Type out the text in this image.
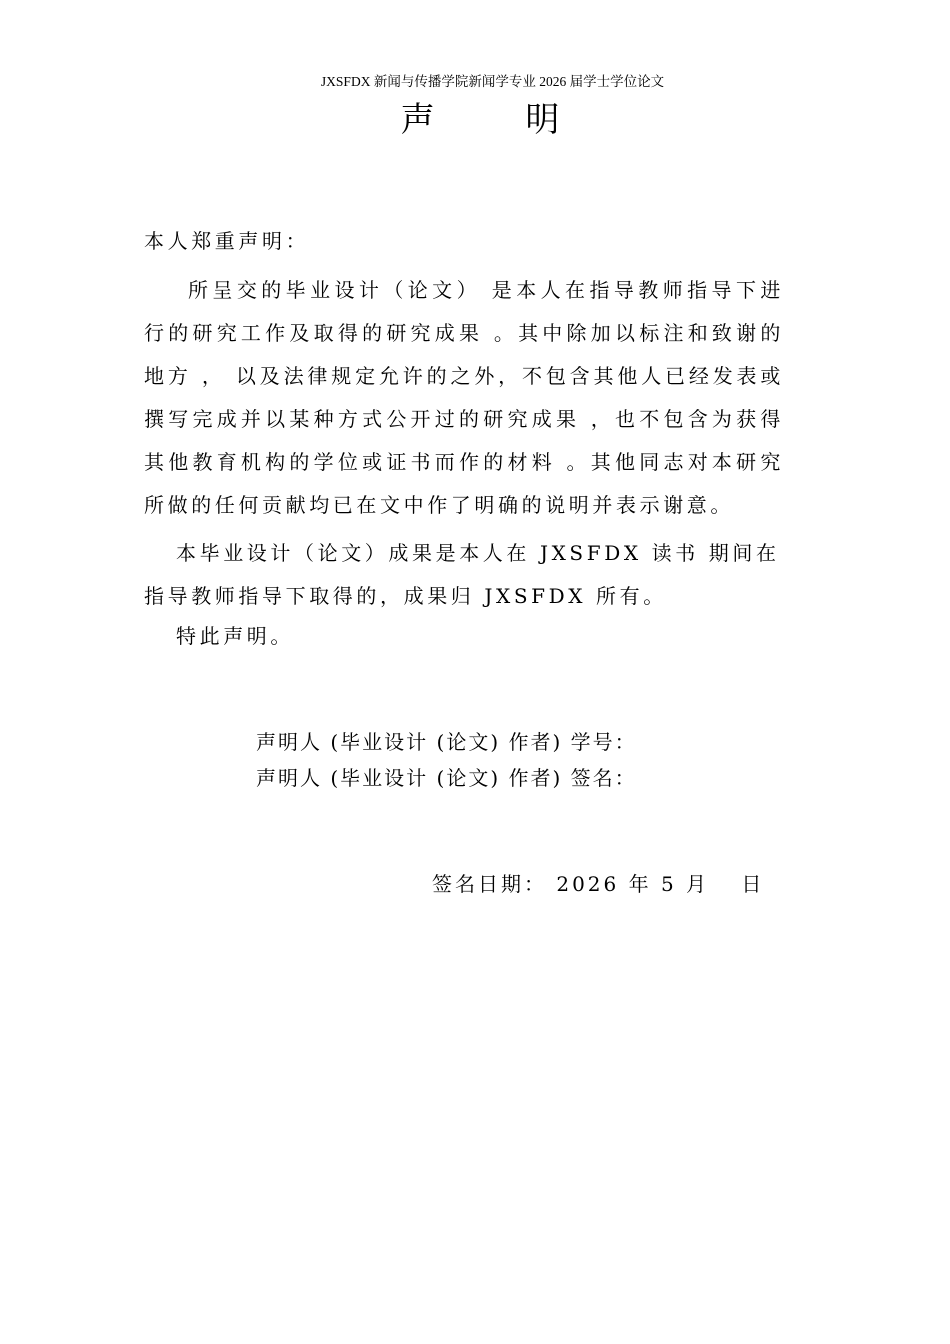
JXSFDX 新闻与传播学院新闻学专业 2026 届学士学位论文
声 明
本人郑重声明：
所呈交的毕业设计（论文） 是本人在指导教师指导下进行的研究工作及取得的研究成果 。其中除加以标注和致谢的地方 ， 以及法律规定允许的之外，不包含其他人已经发表或撰写完成并以某种方式公开过的研究成果 ，也不包含为获得其他教育机构的学位或证书而作的材料 。其他同志对本研究所做的任何贡献均已在文中作了明确的说明并表示谢意。
本毕业设计（论文）成果是本人在 JXSFDX 读书 期间在指导教师指导下取得的，成果归 JXSFDX 所有。
特此声明。
声明人 (毕业设计 (论文) 作者) 学号：
声明人 (毕业设计 (论文) 作者) 签名：
签名日期： 2026 年 5 月　 日
